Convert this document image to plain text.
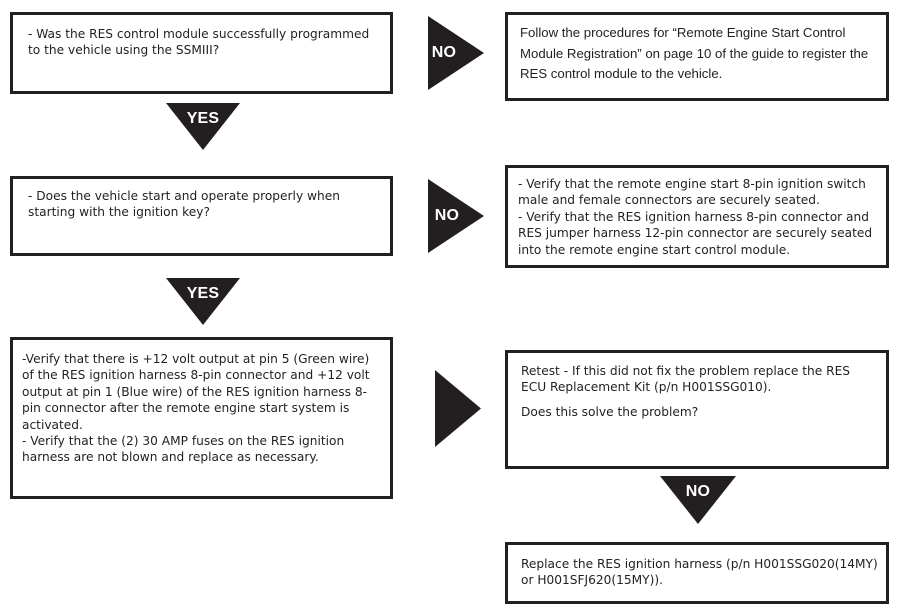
- Was the RES control module successfully programmed to the vehicle using the SSMIII?	NO

Follow the procedures for “Remote Engine Start Control Module Registration” on page 10 of the guide to register the RES control module to the vehicle.

YES

- Does the vehicle start and operate properly when starting with the ignition key?	NO

- Verify that the remote engine start 8-pin ignition switch male and female connectors are securely seated.

- Verify that the RES ignition harness 8-pin connector and RES jumper harness 12-pin connector are securely seated into the remote engine start control module.

YES

-Verify that there is +12 volt output at pin 5 (Green wire) of the RES ignition harness 8-pin connector and +12 volt output at pin 1 (Blue wire) of the RES ignition harness 8-pin connector after the remote engine start system is activated.

- Verify that the (2) 30 AMP fuses on the RES ignition harness are not blown and replace as necessary.

Retest - If this did not fix the problem replace the RES ECU Replacement Kit (p/n H001SSG010).

Does this solve the problem?

NO

Replace the RES ignition harness (p/n H001SSG020(14MY) or H001SFJ620(15MY)).
